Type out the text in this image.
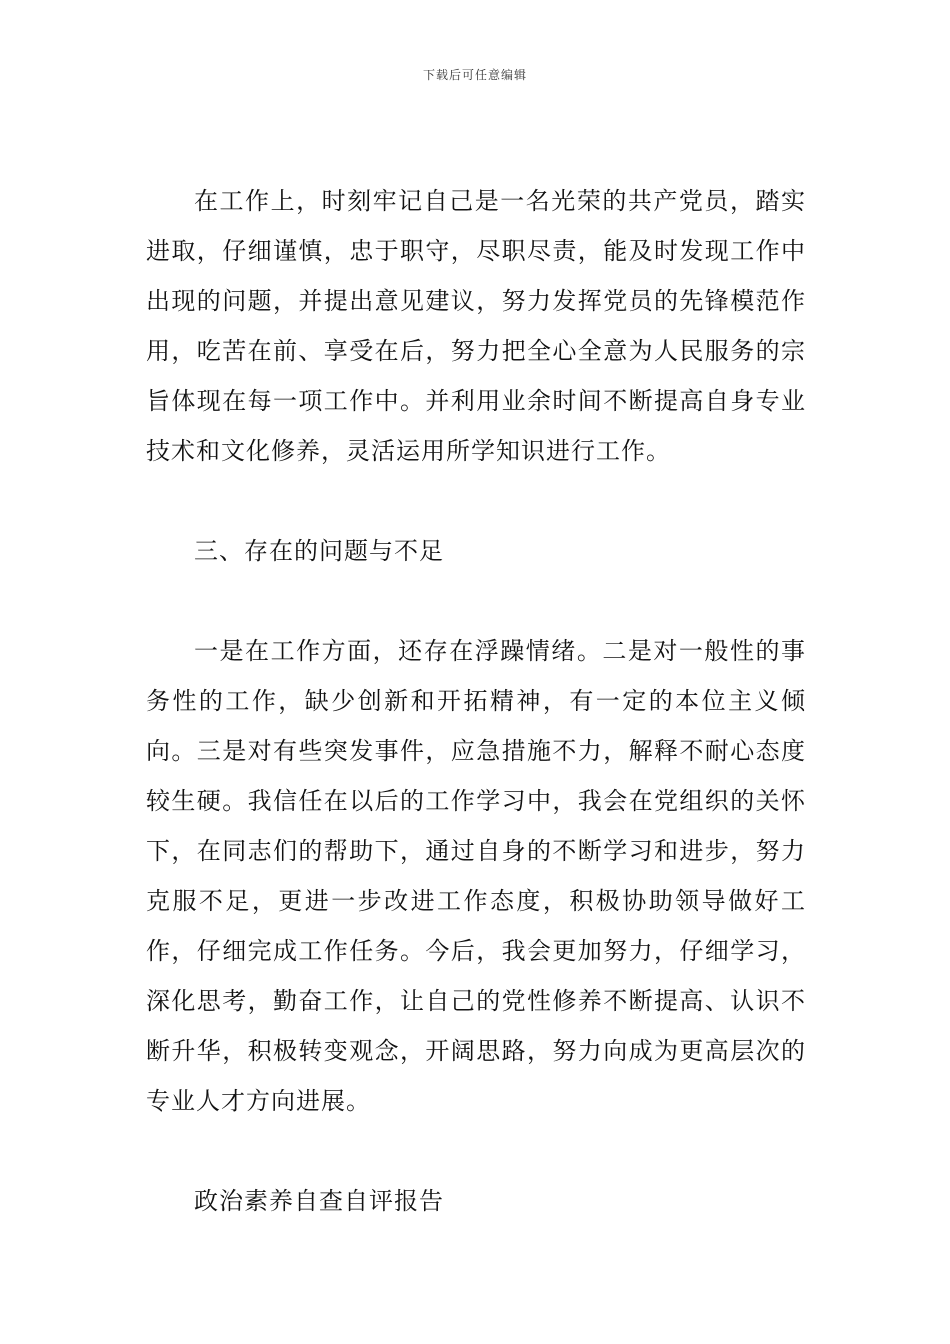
下载后可任意编辑

在工作上，时刻牢记自己是一名光荣的共产党员，踏实进取，仔细谨慎，忠于职守，尽职尽责，能及时发现工作中出现的问题，并提出意见建议，努力发挥党员的先锋模范作用，吃苦在前、享受在后，努力把全心全意为人民服务的宗旨体现在每一项工作中。并利用业余时间不断提高自身专业技术和文化修养，灵活运用所学知识进行工作。

三、存在的问题与不足

一是在工作方面，还存在浮躁情绪。二是对一般性的事务性的工作，缺少创新和开拓精神，有一定的本位主义倾向。三是对有些突发事件，应急措施不力，解释不耐心态度较生硬。我信任在以后的工作学习中，我会在党组织的关怀下，在同志们的帮助下，通过自身的不断学习和进步，努力克服不足，更进一步改进工作态度，积极协助领导做好工作，仔细完成工作任务。今后，我会更加努力，仔细学习，深化思考，勤奋工作，让自己的党性修养不断提高、认识不断升华，积极转变观念，开阔思路，努力向成为更高层次的专业人才方向进展。

政治素养自查自评报告
